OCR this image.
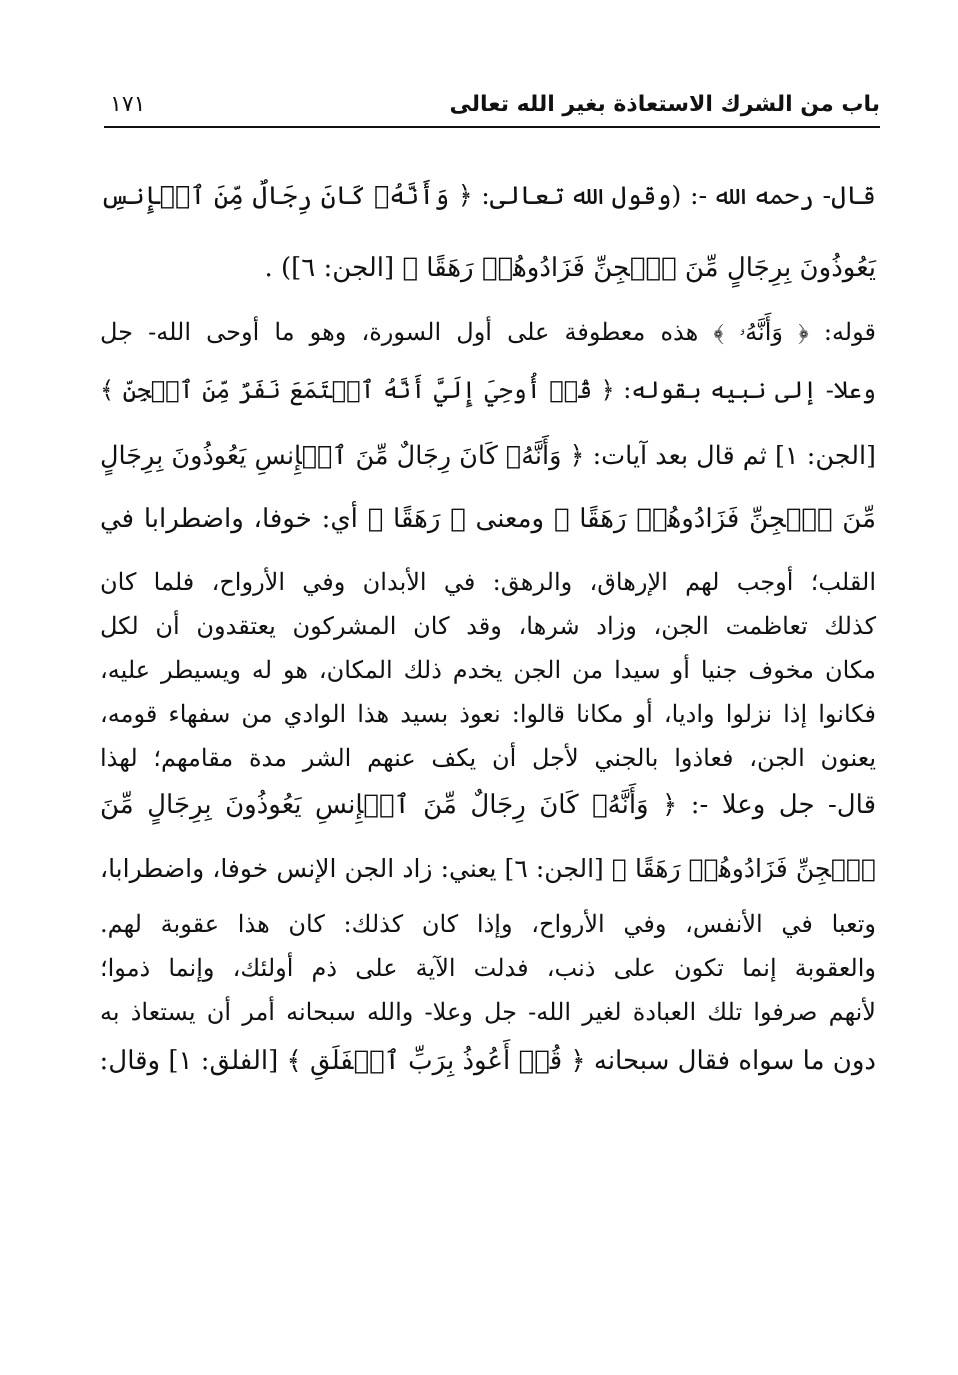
باب من الشرك الاستعاذة بغير الله تعالى
١٧١
قال- رحمه الله -: (وقول الله تعالى: ﴿ وَأَنَّهُۥ كَانَ رِجَالٌ مِّنَ ٱلۡإِنسِ
يَعُوذُونَ بِرِجَالٍ مِّنَ ٱلۡجِنِّ فَزَادُوهُمۡ رَهَقًا ﴾ [الجن: ٦]) .
قوله: ﴿ وَأَنَّهُۥ ﴾ هذه معطوفة على أول السورة، وهو ما أوحى الله- جل
وعلا- إلى نبيه بقوله: ﴿ قُلۡ أُوحِيَ إِلَيَّ أَنَّهُ ٱسۡتَمَعَ نَفَرٌ مِّنَ ٱلۡجِنِّ ﴾
[الجن: ١] ثم قال بعد آيات: ﴿ وَأَنَّهُۥ كَانَ رِجَالٌ مِّنَ ٱلۡإِنسِ يَعُوذُونَ بِرِجَالٍ
مِّنَ ٱلۡجِنِّ فَزَادُوهُمۡ رَهَقًا ﴾ ومعنى ﴿ رَهَقًا ﴾ أي: خوفا، واضطرابا في
القلب؛ أوجب لهم الإرهاق، والرهق: في الأبدان وفي الأرواح، فلما كان
كذلك تعاظمت الجن، وزاد شرها، وقد كان المشركون يعتقدون أن لكل
مكان مخوف جنيا أو سيدا من الجن يخدم ذلك المكان، هو له ويسيطر عليه،
فكانوا إذا نزلوا واديا، أو مكانا قالوا: نعوذ بسيد هذا الوادي من سفهاء قومه،
يعنون الجن، فعاذوا بالجني لأجل أن يكف عنهم الشر مدة مقامهم؛ لهذا
قال- جل وعلا -: ﴿ وَأَنَّهُۥ كَانَ رِجَالٌ مِّنَ ٱلۡإِنسِ يَعُوذُونَ بِرِجَالٍ مِّنَ
ٱلۡجِنِّ فَزَادُوهُمۡ رَهَقًا ﴾ [الجن: ٦] يعني: زاد الجن الإنس خوفا، واضطرابا،
وتعبا في الأنفس، وفي الأرواح، وإذا كان كذلك: كان هذا عقوبة لهم.
والعقوبة إنما تكون على ذنب، فدلت الآية على ذم أولئك، وإنما ذموا؛
لأنهم صرفوا تلك العبادة لغير الله- جل وعلا- والله سبحانه أمر أن يستعاذ به
دون ما سواه فقال سبحانه ﴿ قُلۡ أَعُوذُ بِرَبِّ ٱلۡفَلَقِ ﴾ [الفلق: ١] وقال:
